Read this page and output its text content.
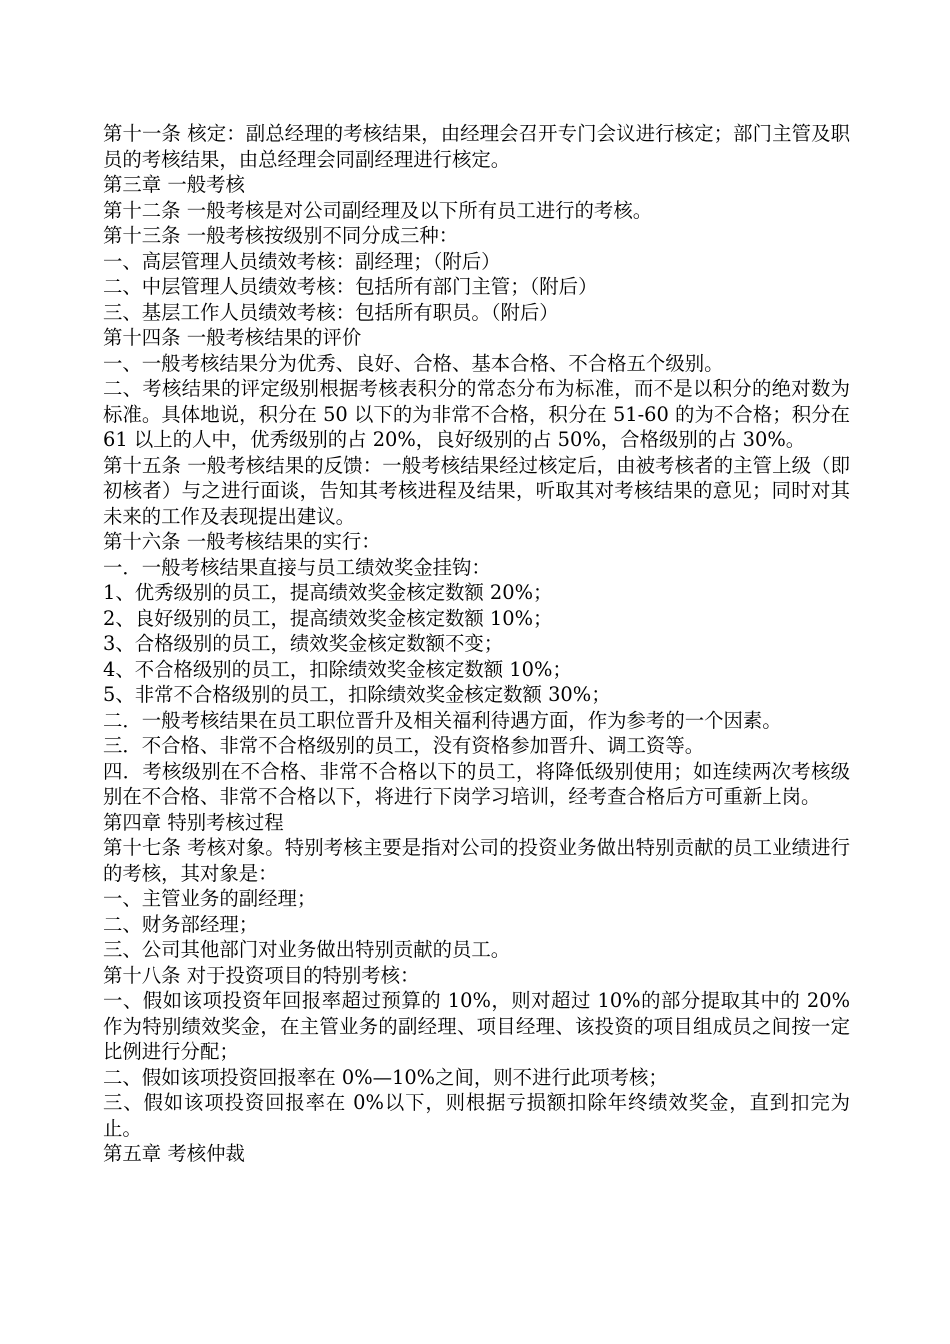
第十一条 核定：副总经理的考核结果，由经理会召开专门会议进行核定；部门主管及职员的考核结果，由总经理会同副经理进行核定。

第三章 一般考核

第十二条 一般考核是对公司副经理及以下所有员工进行的考核。

第十三条 一般考核按级别不同分成三种：

一、高层管理人员绩效考核：副经理；（附后）

二、中层管理人员绩效考核：包括所有部门主管；（附后）

三、基层工作人员绩效考核：包括所有职员。（附后）

第十四条 一般考核结果的评价

一、一般考核结果分为优秀、良好、合格、基本合格、不合格五个级别。

二、考核结果的评定级别根据考核表积分的常态分布为标准，而不是以积分的绝对数为标准。具体地说，积分在 50 以下的为非常不合格，积分在 51-60 的为不合格；积分在 61 以上的人中，优秀级别的占 20%，良好级别的占 50%，合格级别的占 30%。

第十五条 一般考核结果的反馈：一般考核结果经过核定后，由被考核者的主管上级（即初核者）与之进行面谈，告知其考核进程及结果，听取其对考核结果的意见；同时对其未来的工作及表现提出建议。

第十六条 一般考核结果的实行：

一．一般考核结果直接与员工绩效奖金挂钩：

1、优秀级别的员工，提高绩效奖金核定数额 20%；

2、良好级别的员工，提高绩效奖金核定数额 10%；

3、合格级别的员工，绩效奖金核定数额不变；

4、不合格级别的员工，扣除绩效奖金核定数额 10%；

5、非常不合格级别的员工，扣除绩效奖金核定数额 30%；

二．一般考核结果在员工职位晋升及相关福利待遇方面，作为参考的一个因素。

三．不合格、非常不合格级别的员工，没有资格参加晋升、调工资等。

四．考核级别在不合格、非常不合格以下的员工，将降低级别使用；如连续两次考核级别在不合格、非常不合格以下，将进行下岗学习培训，经考查合格后方可重新上岗。

第四章 特别考核过程

第十七条 考核对象。特别考核主要是指对公司的投资业务做出特别贡献的员工业绩进行的考核，其对象是：

一、主管业务的副经理；

二、财务部经理；

三、公司其他部门对业务做出特别贡献的员工。

第十八条 对于投资项目的特别考核：

一、假如该项投资年回报率超过预算的 10%，则对超过 10%的部分提取其中的 20%作为特别绩效奖金，在主管业务的副经理、项目经理、该投资的项目组成员之间按一定比例进行分配；

二、假如该项投资回报率在 0%—10%之间，则不进行此项考核；

三、假如该项投资回报率在 0%以下，则根据亏损额扣除年终绩效奖金，直到扣完为止。

第五章 考核仲裁
